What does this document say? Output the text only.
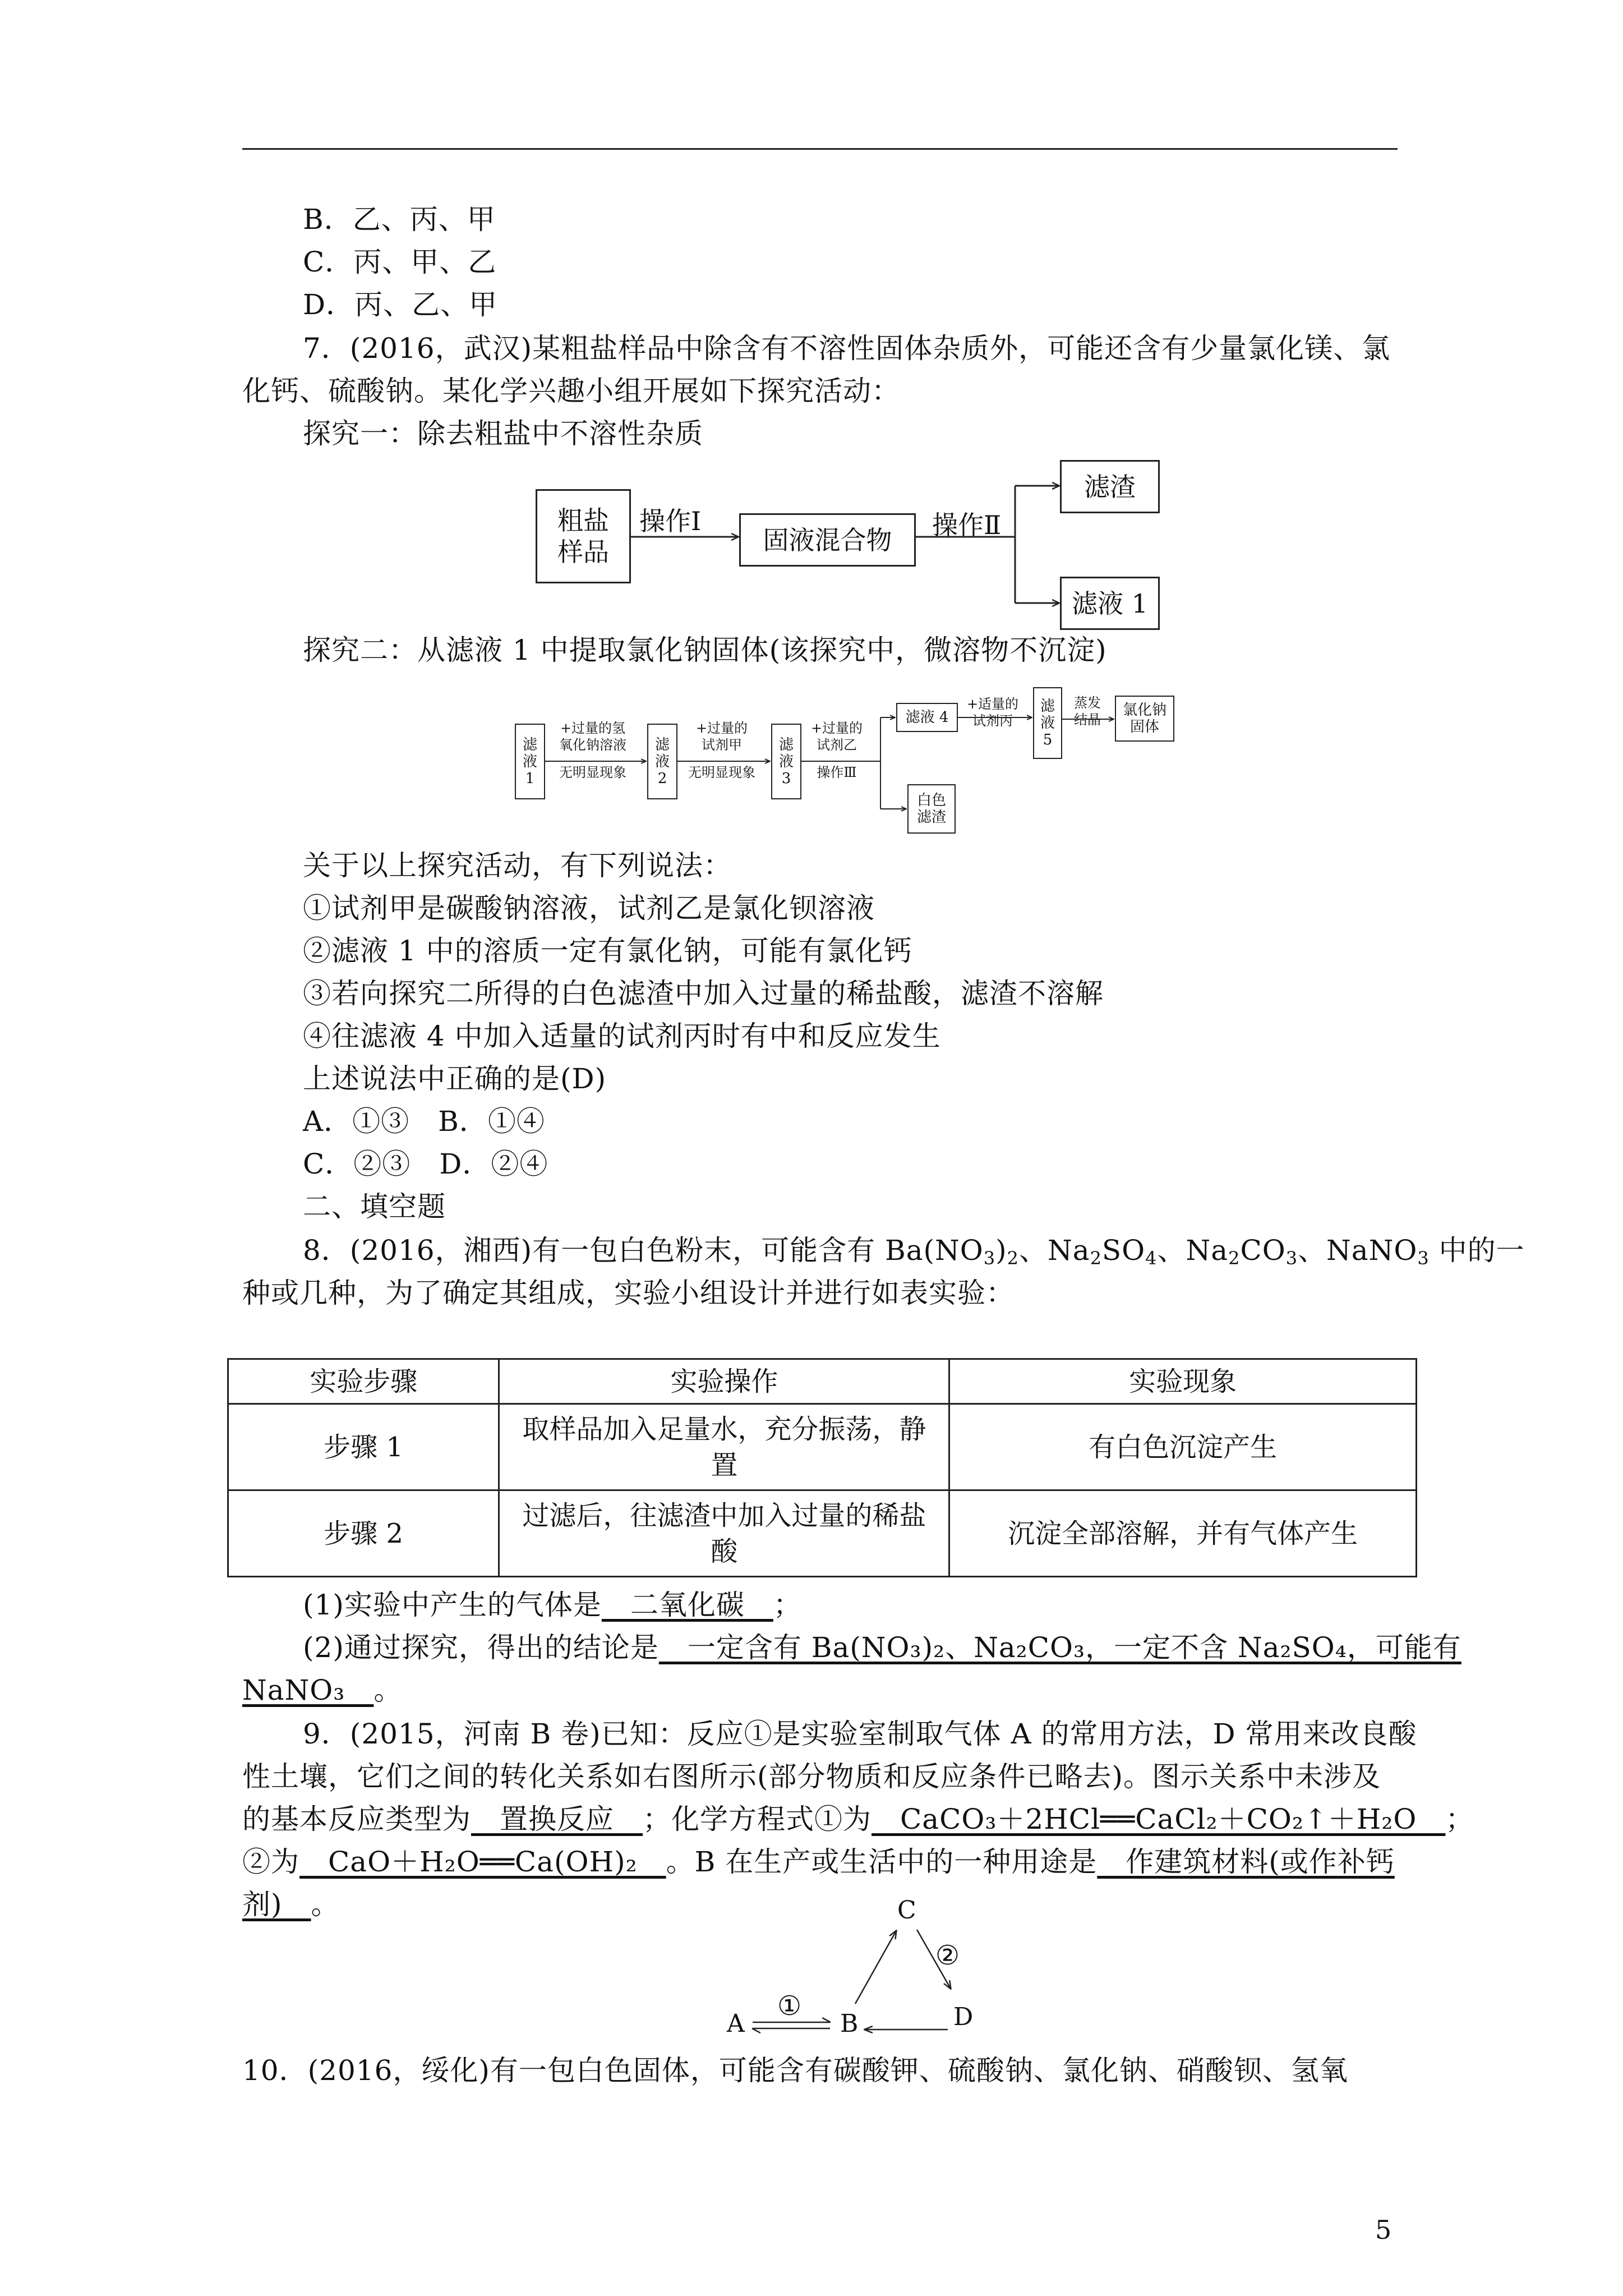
B．乙、丙、甲
C．丙、甲、乙
D．丙、乙、甲
7．(2016，武汉)某粗盐样品中除含有不溶性固体杂质外，可能还含有少量氯化镁、氯
化钙、硫酸钠。某化学兴趣小组开展如下探究活动：
探究一：除去粗盐中不溶性杂质
粗盐
样品
操作Ⅰ
固液混合物	操作Ⅱ
滤渣
滤液 1
探究二：从滤液 1 中提取氯化钠固体(该探究中，微溶物不沉淀)
滤
液
1
+过量的氢
氧化钠溶液
无明显现象
滤
液
2
+过量的
试剂甲
无明显现象
滤
液
3
+过量的
试剂乙
操作Ⅲ
滤液 4
+适量的
试剂丙
滤
液
5
蒸发
结晶
氯化钠
固体
白色
滤渣
关于以上探究活动，有下列说法：
①试剂甲是碳酸钠溶液，试剂乙是氯化钡溶液
②滤液 1 中的溶质一定有氯化钠，可能有氯化钙
③若向探究二所得的白色滤渣中加入过量的稀盐酸，滤渣不溶解
④往滤液 4 中加入适量的试剂丙时有中和反应发生
上述说法中正确的是(D)
A．①③　B．①④
C．②③　D．②④
二、填空题
8．(2016，湘西)有一包白色粉末，可能含有 $Ba(NO_3)_2$、$Na_2SO_4$、$Na_2CO_3$、NaNO$_3$ 中的一
种或几种，为了确定其组成，实验小组设计并进行如表实验：
实验步骤	实验操作	实验现象
步骤 1	取样品加入足量水，充分振荡，静
置	有白色沉淀产生
步骤 2	过滤后，往滤渣中加入过量的稀盐
酸	沉淀全部溶解，并有气体产生
(1)实验中产生的气体是　二氧化碳　；
(2)通过探究，得出的结论是　一定含有 Ba(NO₃)₂、Na₂CO₃，一定不含 Na₂SO₄，可能有
NaNO₃　。
9．(2015，河南 B 卷)已知：反应①是实验室制取气体 A 的常用方法，D 常用来改良酸
性土壤，它们之间的转化关系如右图所示(部分物质和反应条件已略去)。图示关系中未涉及
的基本反应类型为　置换反应　；化学方程式①为　CaCO₃＋2HCl══CaCl₂＋CO₂↑＋H₂O　；
②为　CaO＋H₂O══Ca(OH)₂　。B 在生产或生活中的一种用途是　作建筑材料(或作补钙
剂)　。	C
A	B	D
①
②
10．(2016，绥化)有一包白色固体，可能含有碳酸钾、硫酸钠、氯化钠、硝酸钡、氢氧
5
